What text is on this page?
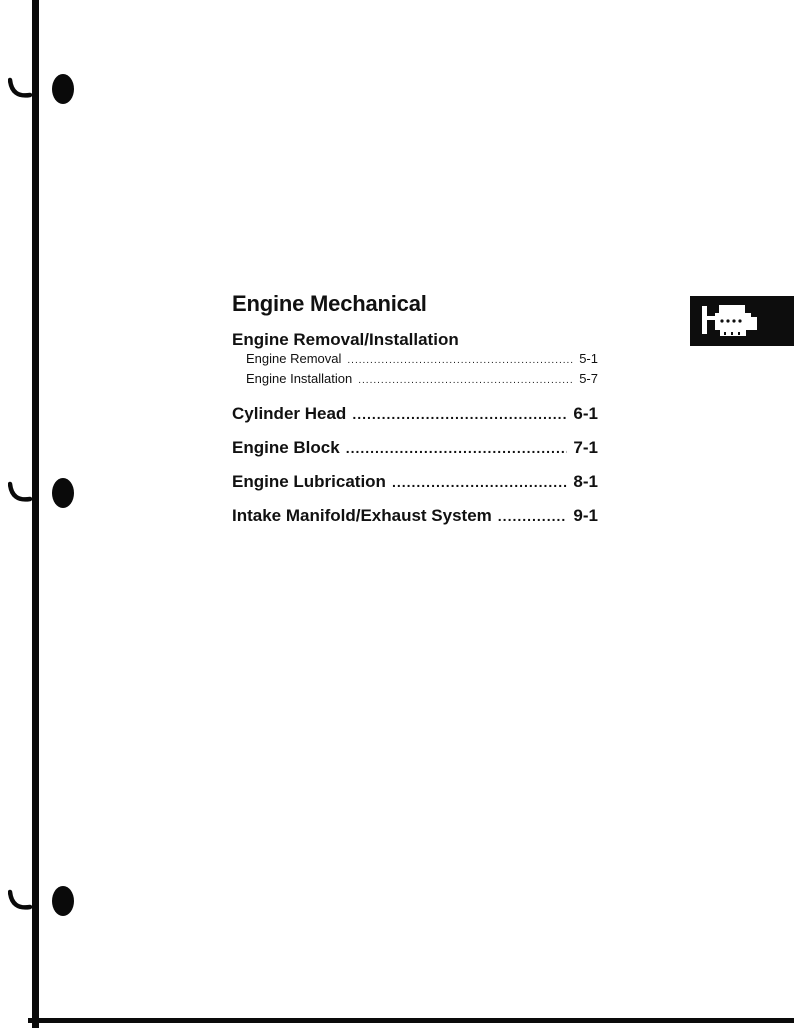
Engine Mechanical
Engine Removal/Installation
Engine Removal .....	5-1
Engine Installation .....	5-7
Cylinder Head .....	6-1
Engine Block .....	7-1
Engine Lubrication .....	8-1
Intake Manifold/Exhaust System .....	9-1
